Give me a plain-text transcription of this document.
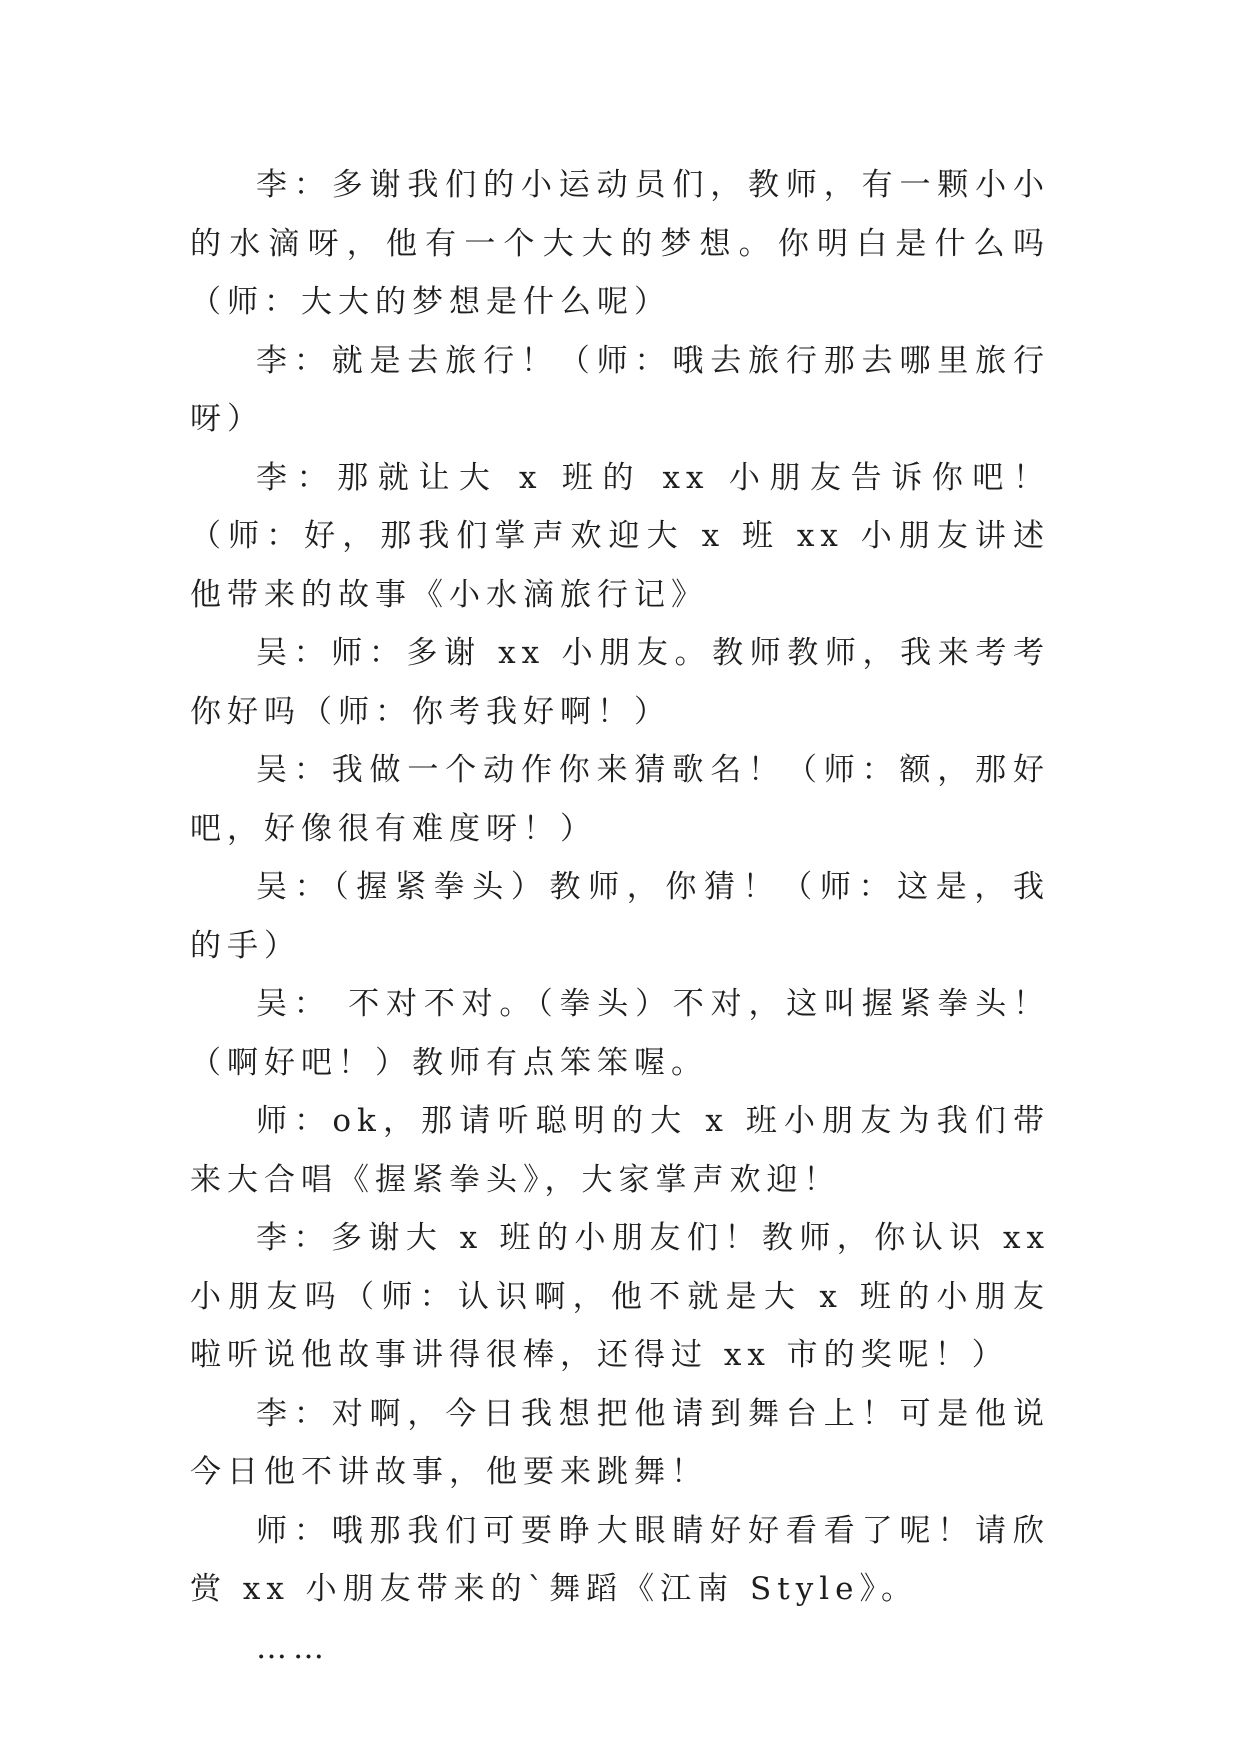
李：多谢我们的小运动员们，教师，有一颗小小的水滴呀，他有一个大大的梦想。你明白是什么吗（师：大大的梦想是什么呢）

李：就是去旅行！（师：哦去旅行那去哪里旅行呀）

李：那就让大 x 班的 xx 小朋友告诉你吧！（师：好，那我们掌声欢迎大 x 班 xx 小朋友讲述他带来的故事《小水滴旅行记》

吴：师：多谢 xx 小朋友。教师教师，我来考考你好吗（师：你考我好啊！）

吴：我做一个动作你来猜歌名！（师：额，那好吧，好像很有难度呀！）

吴：（握紧拳头）教师，你猜！（师：这是，我的手）

吴： 不对不对。（拳头）不对，这叫握紧拳头！（啊好吧！）教师有点笨笨喔。

师：ok，那请听聪明的大 x 班小朋友为我们带来大合唱《握紧拳头》，大家掌声欢迎！

李：多谢大 x 班的小朋友们！教师，你认识 xx 小朋友吗（师：认识啊，他不就是大 x 班的小朋友啦听说他故事讲得很棒，还得过 xx 市的奖呢！）

李：对啊，今日我想把他请到舞台上！可是他说今日他不讲故事，他要来跳舞！

师：哦那我们可要睁大眼睛好好看看了呢！请欣赏 xx 小朋友带来的`舞蹈《江南 Style》。

……
